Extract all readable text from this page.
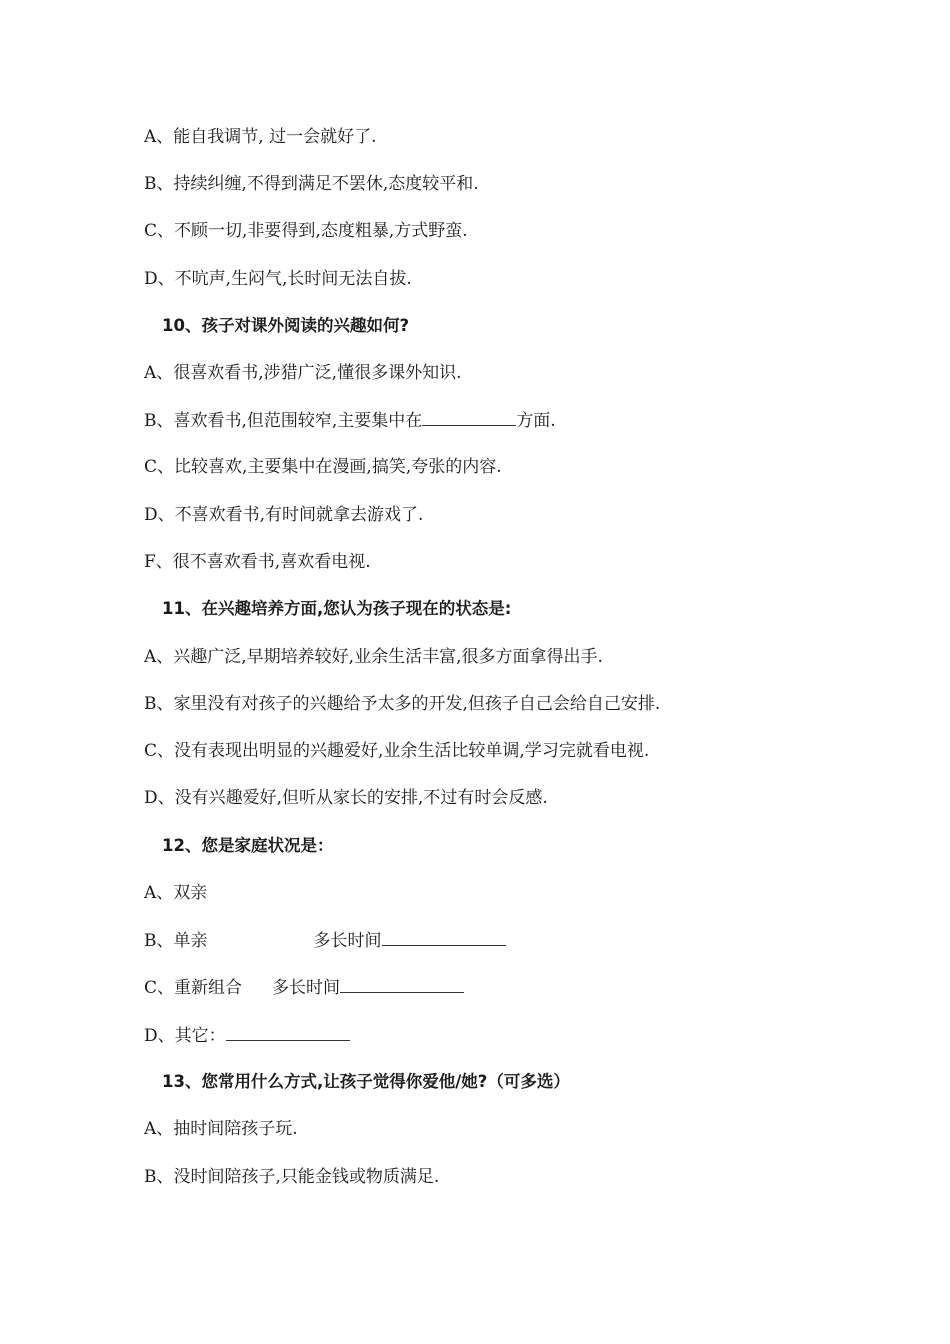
A、能自我调节, 过一会就好了.
B、持续纠缠,不得到满足不罢休,态度较平和.
C、不顾一切,非要得到,态度粗暴,方式野蛮.
D、不吭声,生闷气,长时间无法自拔.
10、孩子对课外阅读的兴趣如何?
A、很喜欢看书,涉猎广泛,懂很多课外知识.
B、喜欢看书,但范围较窄,主要集中在	方面.
C、比较喜欢,主要集中在漫画,搞笑,夸张的内容.
D、不喜欢看书,有时间就拿去游戏了.
F、很不喜欢看书,喜欢看电视.
11、在兴趣培养方面,您认为孩子现在的状态是:
A、兴趣广泛,早期培养较好,业余生活丰富,很多方面拿得出手.
B、家里没有对孩子的兴趣给予太多的开发,但孩子自己会给自己安排.
C、没有表现出明显的兴趣爱好,业余生活比较单调,学习完就看电视.
D、没有兴趣爱好,但听从家长的安排,不过有时会反感.
12、您是家庭状况是：
A、双亲
B、单亲	多长时间
C、重新组合 多长时间
D、其它：
13、您常用什么方式,让孩子觉得你爱他/她?（可多选）
A、抽时间陪孩子玩.
B、没时间陪孩子,只能金钱或物质满足.
